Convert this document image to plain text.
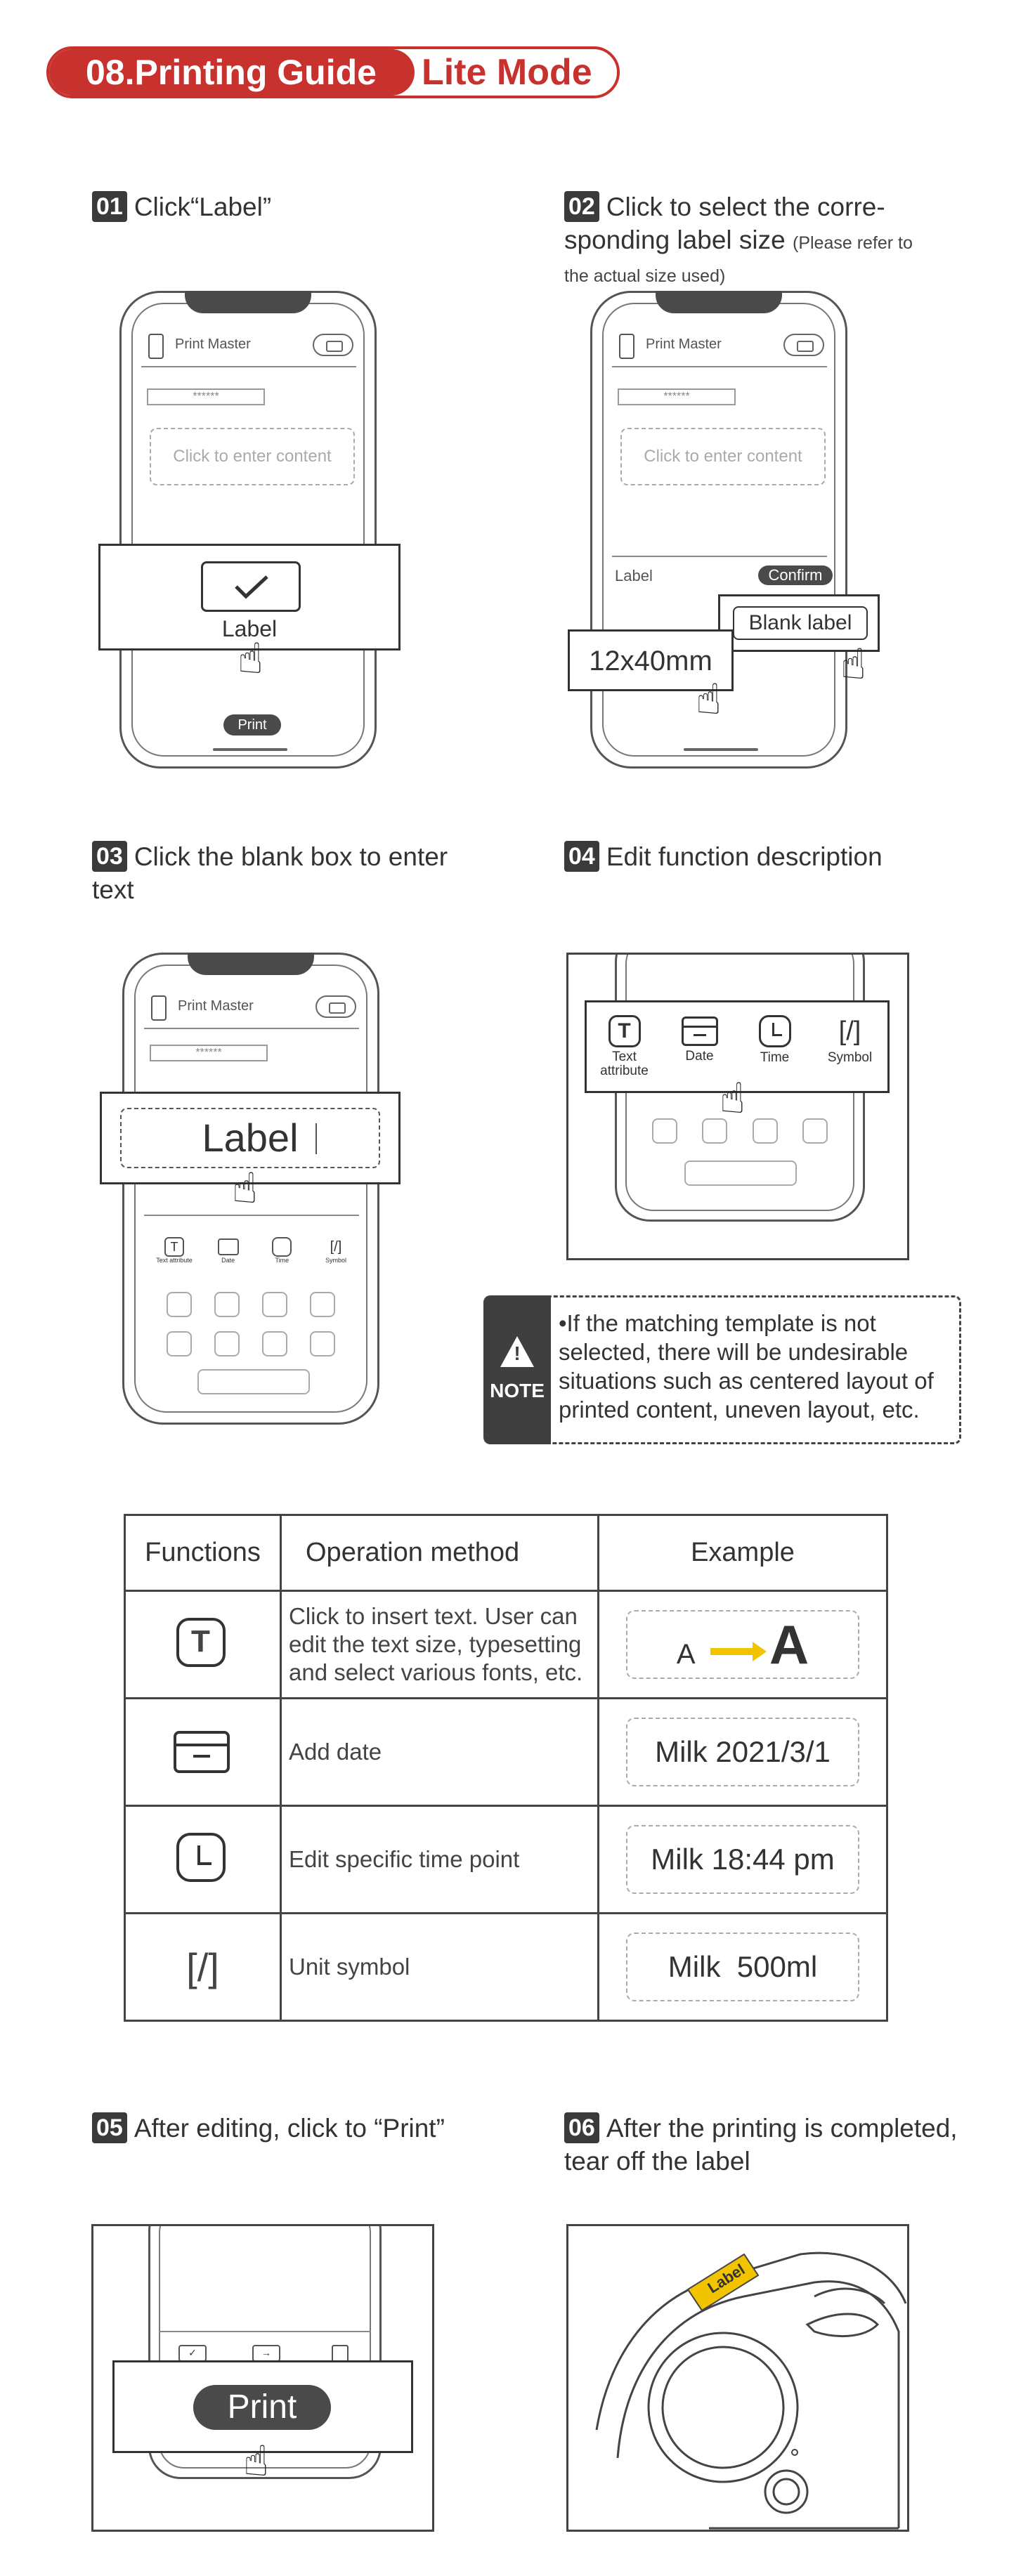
08.Printing Guide	Lite Mode
01 Click“Label”
Print Master
******
Click to enter content
Print
Label
☝
02 Click to select the corre-sponding label size (Please refer to the actual size used)
Print Master
******
Click to enter content
Label	Confirm
Blank label
12x40mm
☝
☝
03 Click the blank box to enter text
Print Master
******
T
Text attribute	Date	Time
[/]
Symbol
Label
☝
04 Edit function description
T
Text attribute
Date	Time
[/]
Symbol
☝
!
NOTE
•If the matching template is not selected, there will be undesirable situations such as centered layout of printed content, uneven layout, etc.
Functions	Operation method	Example

T	Click to insert text. User can edit the text size, typesetting and select various fonts, etc.	A A

	Add date	Milk 2021/3/1

	Edit specific time point	Milk 18:44 pm

[/]	Unit symbol	Milk  500ml
05 After editing, click to “Print”
✓	→
Print
☝
06 After the printing is completed, tear off the label
Label
